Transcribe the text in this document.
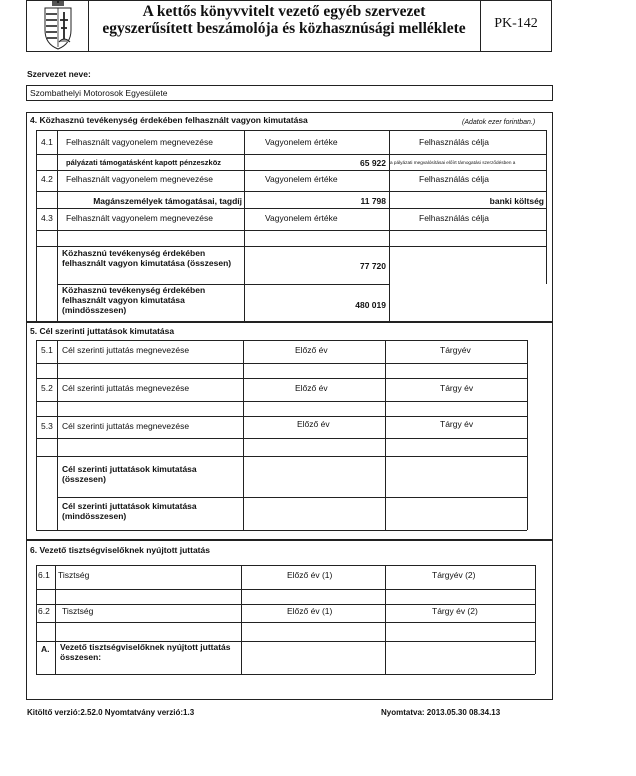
A kettős könyvvitelt vezető egyéb szervezet
egyszerűsített beszámolója és közhasznúsági melléklete	PK-142
Szervezet neve:
Szombathelyi Motorosok Egyesülete
4. Közhasznú tevékenység érdekében felhasznált vagyon kimutatása	(Adatok ezer forintban.)
4.1 Felhasznált vagyonelem megnevezése	Vagyonelem értéke	Felhasználás célja
pályázati támogatásként kapott pénzeszköz	65 922 a pályázati megvalósításai előírt támogatási szerződésben a
4.2 Felhasznált vagyonelem megnevezése	Vagyonelem értéke	Felhasználás célja
Magánszemélyek támogatásai, tagdíj	11 798	banki költség
4.3 Felhasznált vagyonelem megnevezése	Vagyonelem értéke	Felhasználás célja
Közhasznú tevékenység érdekében felhasznált vagyon kimutatása (összesen)	77 720
Közhasznú tevékenység érdekében felhasznált vagyon kimutatása (mindösszesen)	480 019
5. Cél szerinti juttatások kimutatása
5.1 Cél szerinti juttatás megnevezése	Előző év	Tárgyév
5.2 Cél szerinti juttatás megnevezése	Előző év	Tárgy év
5.3 Cél szerinti juttatás megnevezése	Előző év	Tárgy év
Cél szerinti juttatások kimutatása (összesen)
Cél szerinti juttatások kimutatása (mindösszesen)
6. Vezető tisztségviselőknek nyújtott juttatás
6.1 Tisztség	Előző év (1)	Tárgyév (2)
6.2 Tisztség	Előző év (1)	Tárgy év (2)
A. Vezető tisztségviselőknek nyújtott juttatás összesen:
Kitöltő verzió:2.52.0 Nyomtatvány verzió:1.3	Nyomtatva: 2013.05.30 08.34.13
